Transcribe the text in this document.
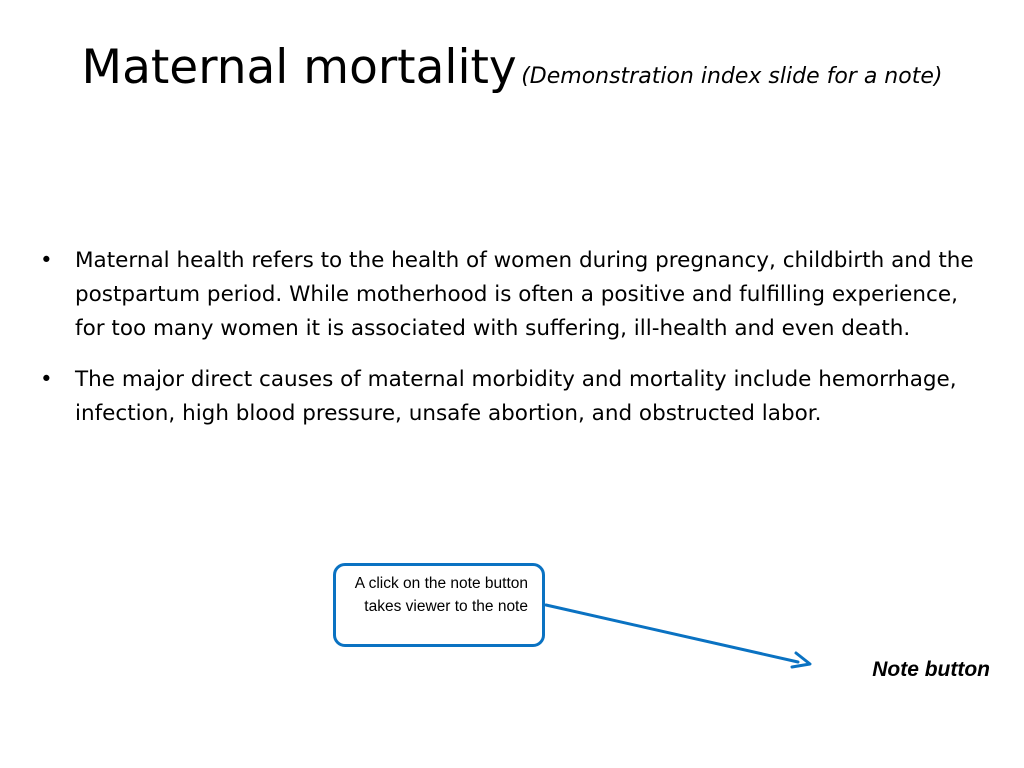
Maternal mortality (Demonstration index slide for a note)
•	Maternal health refers to the health of women during pregnancy, childbirth and the postpartum period. While motherhood is often a positive and fulfilling experience, for too many women it is associated with suffering, ill-health and even death.
•	The major direct causes of maternal morbidity and mortality include hemorrhage, infection, high blood pressure, unsafe abortion, and obstructed labor.
A click on the note button takes viewer to the note
Note button
